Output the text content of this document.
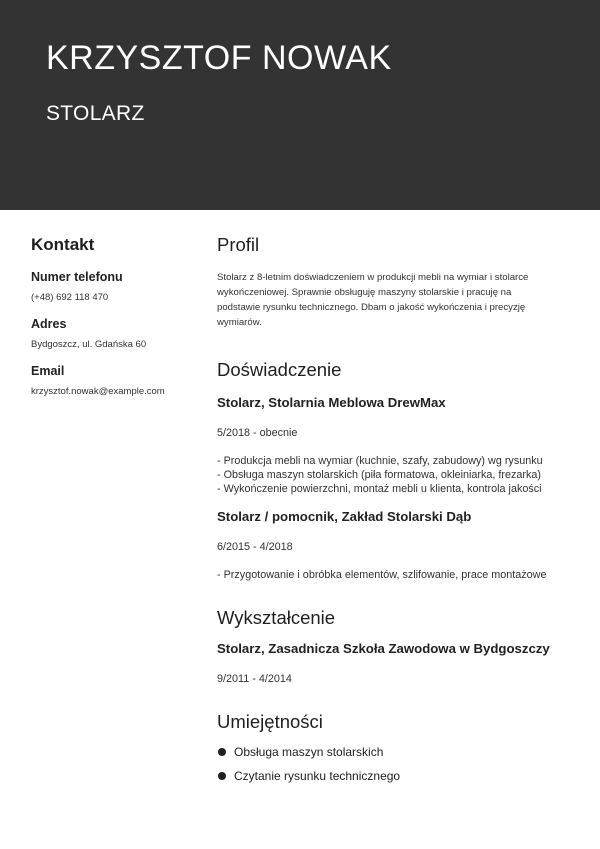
KRZYSZTOF NOWAK
STOLARZ
Kontakt
Numer telefonu
(+48) 692 118 470
Adres
Bydgoszcz, ul. Gdańska 60
Email
krzysztof.nowak@example.com
Profil
Stolarz z 8-letnim doświadczeniem w produkcji mebli na wymiar i stolarce wykończeniowej. Sprawnie obsługuję maszyny stolarskie i pracuję na podstawie rysunku technicznego. Dbam o jakość wykończenia i precyzję wymiarów.
Doświadczenie
Stolarz, Stolarnia Meblowa DrewMax
5/2018 - obecnie
- Produkcja mebli na wymiar (kuchnie, szafy, zabudowy) wg rysunku
- Obsługa maszyn stolarskich (piła formatowa, okleiniarka, frezarka)
- Wykończenie powierzchni, montaż mebli u klienta, kontrola jakości
Stolarz / pomocnik, Zakład Stolarski Dąb
6/2015 - 4/2018
- Przygotowanie i obróbka elementów, szlifowanie, prace montażowe
Wykształcenie
Stolarz, Zasadnicza Szkoła Zawodowa w Bydgoszczy
9/2011 - 4/2014
Umiejętności
Obsługa maszyn stolarskich
Czytanie rysunku technicznego
